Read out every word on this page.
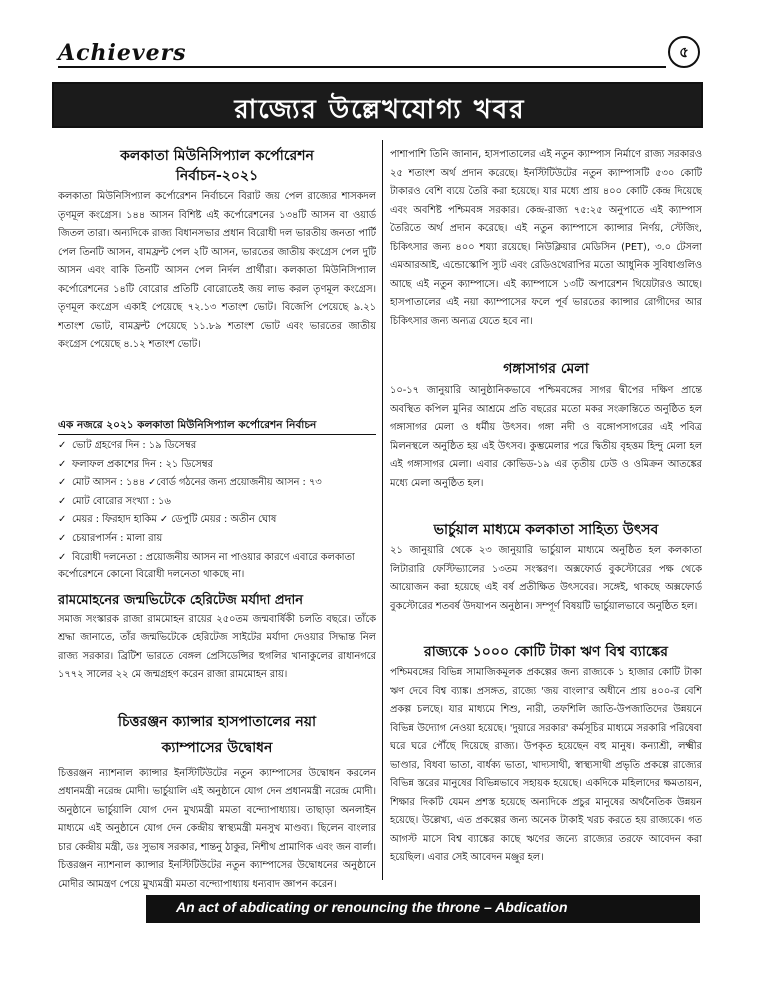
Achievers	৫
রাজ্যের উল্লেখযোগ্য খবর
কলকাতা মিউনিসিপ্যাল কর্পোরেশন
নির্বাচন-২০২১

কলকাতা মিউনিসিপ্যাল কর্পোরেশন নির্বাচনে বিরাট জয় পেল রাজ্যের শাসকদল তৃণমূল কংগ্রেস। ১৪৪ আসন বিশিষ্ট এই কর্পোরেশনের ১৩৪টি আসন বা ওয়ার্ড জিতল তারা। অন্যদিকে রাজ্য বিধানসভার প্রধান বিরোধী দল ভারতীয় জনতা পার্টি পেল তিনটি আসন, বামফ্রন্ট পেল ২টি আসন, ভারতের জাতীয় কংগ্রেস পেল দুটি আসন এবং বাকি তিনটি আসন পেল নির্দল প্রার্থীরা। কলকাতা মিউনিসিপ্যাল কর্পোরেশনের ১৪টি বোরোর প্রতিটি বোরোতেই জয় লাভ করল তৃণমূল কংগ্রেস। তৃণমূল কংগ্রেস একাই পেয়েছে ৭২.১৩ শতাংশ ভোট। বিজেপি পেয়েছে ৯.২১ শতাংশ ভোট, বামফ্রন্ট পেয়েছে ১১.৮৯ শতাংশ ভোট এবং ভারতের জাতীয় কংগ্রেস পেয়েছে ৪.১২ শতাংশ ভোট।

এক নজরে ২০২১ কলকাতা মিউনিসিপ্যাল কর্পোরেশন নির্বাচন
✓ ভোট গ্রহণের দিন : ১৯ ডিসেম্বর
✓ ফলাফল প্রকাশের দিন : ২১ ডিসেম্বর
✓ মোট আসন : ১৪৪ ✓বোর্ড গঠনের জন্য প্রয়োজনীয় আসন : ৭৩
✓ মোট বোরোর সংখ্যা : ১৬
✓ মেয়র : ফিরহাদ হাকিম ✓ ডেপুটি মেয়র : অতীন ঘোষ
✓ চেয়ারপার্সন : মালা রায়
✓ বিরোধী দলনেতা : প্রয়োজনীয় আসন না পাওয়ার কারণে এবারে কলকাতা কর্পোরেশনে কোনো বিরোধী দলনেতা থাকছে না।
রামমোহনের জন্মভিটেকে হেরিটেজ মর্যাদা প্রদান

সমাজ সংস্কারক রাজা রামমোহন রায়ের ২৫০তম জন্মবার্ষিকী চলতি বছরে। তাঁকে শ্রদ্ধা জানাতে, তাঁর জন্মভিটেকে হেরিটেজ সাইটের মর্যাদা দেওয়ার সিদ্ধান্ত নিল রাজ্য সরকার। ব্রিটিশ ভারতে বেঙ্গল প্রেসিডেন্সির হুগলির খানাকুলের রাধানগরে ১৭৭২ সালের ২২ মে জন্মগ্রহণ করেন রাজা রামমোহন রায়।

চিত্তরঞ্জন ক্যান্সার হাসপাতালের নয়া
ক্যাম্পাসের উদ্বোধন

চিত্তরঞ্জন ন্যাশনাল ক্যান্সার ইনস্টিটিউটের নতুন ক্যাম্পাসের উদ্বোধন করলেন প্রধানমন্ত্রী নরেন্দ্র মোদী। ভার্চুয়ালি এই অনুষ্ঠানে যোগ দেন প্রধানমন্ত্রী নরেন্দ্র মোদী। অনুষ্ঠানে ভার্চুয়ালি যোগ দেন মুখ্যমন্ত্রী মমতা বন্দ্যোপাধ্যায়। তাছাড়া অনলাইন মাধ্যমে এই অনুষ্ঠানে যোগ দেন কেন্দ্রীয় স্বাস্থ্যমন্ত্রী মনসুখ মাণ্ডব্য। ছিলেন বাংলার চার কেন্দ্রীয় মন্ত্রী, ডঃ সুভাষ সরকার, শান্তনু ঠাকুর, নিশীথ প্রামাণিক এবং জন বার্লা। চিত্তরঞ্জন ন্যাশনাল ক্যান্সার ইনস্টিটিউটের নতুন ক্যাম্পাসের উদ্বোধনের অনুষ্ঠানে মোদীর আমন্ত্রণ পেয়ে মুখ্যমন্ত্রী মমতা বন্দ্যোপাধ্যায় ধন্যবাদ জ্ঞাপন করেন।

পাশাপাশি তিনি জানান, হাসপাতালের এই নতুন ক্যাম্পাস নির্মাণে রাজ্য সরকারও ২৫ শতাংশ অর্থ প্রদান করেছে। ইনস্টিটিউটের নতুন ক্যাম্পাসটি ৫৩০ কোটি টাকারও বেশি ব্যয়ে তৈরি করা হয়েছে। যার মধ্যে প্রায় ৪০০ কোটি কেন্দ্র দিয়েছে এবং অবশিষ্ট পশ্চিমবঙ্গ সরকার। কেন্দ্র-রাজ্য ৭৫:২৫ অনুপাতে এই ক্যাম্পাস তৈরিতে অর্থ প্রদান করেছে। এই নতুন ক্যাম্পাসে ক্যান্সার নির্ণয়, স্টেজিং, চিকিৎসার জন্য ৪০০ শয্যা রয়েছে। নিউক্লিয়ার মেডিসিন (PET), ৩.০ টেসলা এমআরআই, এন্ডোস্কোপি স্যুট এবং রেডিওথেরাপির মতো আধুনিক সুবিধাগুলিও আছে এই নতুন ক্যাম্পাসে। এই ক্যাম্পাসে ১৩টি অপারেশন থিয়েটারও আছে। হাসপাতালের এই নয়া ক্যাম্পাসের ফলে পূর্ব ভারতের ক্যান্সার রোগীদের আর চিকিৎসার জন্য অন্যত্র যেতে হবে না।

গঙ্গাসাগর মেলা

১০-১৭ জানুয়ারি আনুষ্ঠানিকভাবে পশ্চিমবঙ্গের সাগর দ্বীপের দক্ষিণ প্রান্তে অবস্থিত কপিল মুনির আশ্রমে প্রতি বছরের মতো মকর সংক্রান্তিতে অনুষ্ঠিত হল গঙ্গাসাগর মেলা ও ধর্মীয় উৎসব। গঙ্গা নদী ও বঙ্গোপসাগরের এই পবিত্র মিলনস্থলে অনুষ্ঠিত হয় এই উৎসব। কুম্ভমেলার পরে দ্বিতীয় বৃহত্তম হিন্দু মেলা হল এই গঙ্গাসাগর মেলা। এবার কোভিড-১৯ এর তৃতীয় ঢেউ ও ওমিক্রন আতঙ্কের মধ্যে মেলা অনুষ্ঠিত হল।

ভার্চুয়াল মাধ্যমে কলকাতা সাহিত্য উৎসব

২১ জানুয়ারি থেকে ২৩ জানুয়ারি ভার্চুয়াল মাধ্যমে অনুষ্ঠিত হল কলকাতা লিটারারি ফেস্টিভ্যালের ১৩তম সংস্করণ। অক্সফোর্ড বুকস্টোরের পক্ষ থেকে আয়োজন করা হয়েছে এই বর্ষ প্রতীক্ষিত উৎসবের। সঙ্গেই, থাকছে অক্সফোর্ড বুকস্টোরের শতবর্ষ উদযাপন অনুষ্ঠান। সম্পূর্ণ বিষয়টি ভার্চুয়ালভাবে অনুষ্ঠিত হল।

রাজ্যকে ১০০০ কোটি টাকা ঋণ বিশ্ব ব্যাঙ্কের

পশ্চিমবঙ্গের বিভিন্ন সামাজিকমূলক প্রকল্পের জন্য রাজ্যকে ১ হাজার কোটি টাকা ঋণ দেবে বিশ্ব ব্যাঙ্ক। প্রসঙ্গত, রাজ্যে 'জয় বাংলা'র অধীনে প্রায় ৪০০-র বেশি প্রকল্প চলছে। যার মাধ্যমে শিশু, নারী, তফশিলি জাতি-উপজাতিদের উন্নয়নে বিভিন্ন উদ্যোগ নেওয়া হয়েছে। 'দুয়ারে সরকার' কর্মসূচির মাধ্যমে সরকারি পরিষেবা ঘরে ঘরে পৌঁছে দিয়েছে রাজ্য। উপকৃত হয়েছেন বহু মানুষ। কন্যাশ্রী, লক্ষ্মীর ভাণ্ডার, বিধবা ভাতা, বার্ধক্য ভাতা, খাদ্যসাথী, স্বাস্থ্যসাথী প্রভৃতি প্রকল্পে রাজ্যের বিভিন্ন স্তরের মানুষের বিভিন্নভাবে সহায়ক হয়েছে। একদিকে মহিলাদের ক্ষমতায়ন, শিক্ষার দিকটি যেমন প্রশস্ত হয়েছে অন্যদিকে প্রচুর মানুষের অর্থনৈতিক উন্নয়ন হয়েছে। উল্লেখ্য, এত প্রকল্পের জন্য অনেক টাকাই খরচ করতে হয় রাজ্যকে। গত আগস্ট মাসে বিশ্ব ব্যাঙ্কের কাছে ঋণের জন্যে রাজ্যের তরফে আবেদন করা হয়েছিল। এবার সেই আবেদন মঞ্জুর হল।

An act of abdicating or renouncing the throne – Abdication
